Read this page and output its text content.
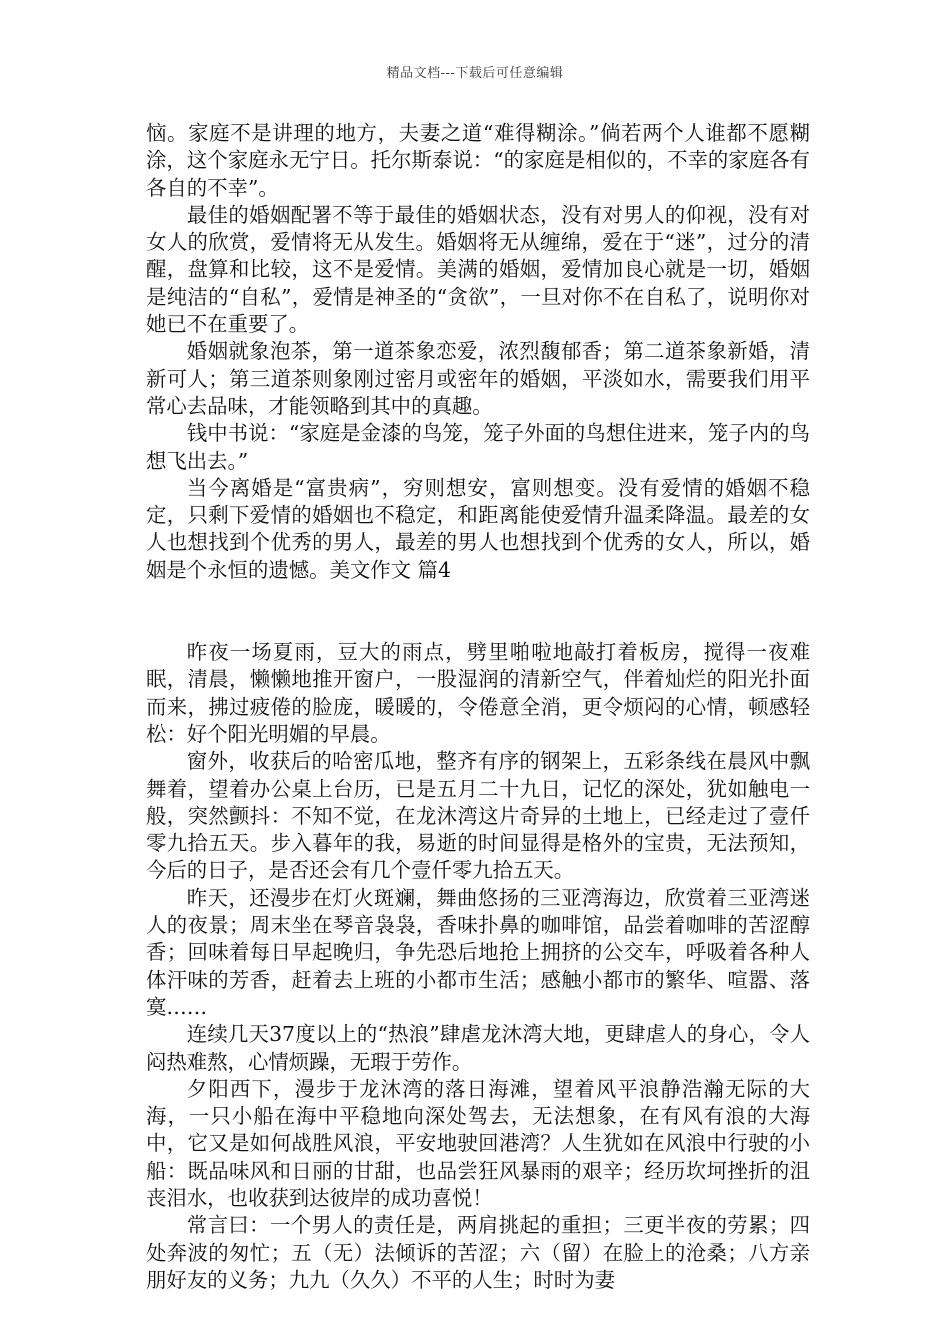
精品文档---下载后可任意编辑

恼。家庭不是讲理的地方，夫妻之道“难得糊涂。”倘若两个人谁都不愿糊涂，这个家庭永无宁日。托尔斯泰说：“的家庭是相似的，不幸的家庭各有各自的不幸”。

最佳的婚姻配署不等于最佳的婚姻状态，没有对男人的仰视，没有对女人的欣赏，爱情将无从发生。婚姻将无从缠绵，爱在于“迷”，过分的清醒，盘算和比较，这不是爱情。美满的婚姻，爱情加良心就是一切，婚姻是纯洁的“自私”，爱情是神圣的“贪欲”，一旦对你不在自私了，说明你对她已不在重要了。

婚姻就象泡茶，第一道茶象恋爱，浓烈馥郁香；第二道茶象新婚，清新可人；第三道茶则象刚过密月或密年的婚姻，平淡如水，需要我们用平常心去品味，才能领略到其中的真趣。

钱中书说：“家庭是金漆的鸟笼，笼子外面的鸟想住进来，笼子内的鸟想飞出去。”

当今离婚是“富贵病”，穷则想安，富则想变。没有爱情的婚姻不稳定，只剩下爱情的婚姻也不稳定，和距离能使爱情升温柔降温。最差的女人也想找到个优秀的男人，最差的男人也想找到个优秀的女人，所以，婚姻是个永恒的遗憾。美文作文 篇4

昨夜一场夏雨，豆大的雨点，劈里啪啦地敲打着板房，搅得一夜难眠，清晨，懒懒地推开窗户，一股湿润的清新空气，伴着灿烂的阳光扑面而来，拂过疲倦的脸庞，暖暖的，令倦意全消，更令烦闷的心情，顿感轻松：好个阳光明媚的早晨。

窗外，收获后的哈密瓜地，整齐有序的钢架上，五彩条线在晨风中飘舞着，望着办公桌上台历，已是五月二十九日，记忆的深处，犹如触电一般，突然颤抖：不知不觉，在龙沐湾这片奇异的土地上，已经走过了壹仟零九拾五天。步入暮年的我，易逝的时间显得是格外的宝贵，无法预知，今后的日子，是否还会有几个壹仟零九拾五天。

昨天，还漫步在灯火斑斓，舞曲悠扬的三亚湾海边，欣赏着三亚湾迷人的夜景；周末坐在琴音袅袅，香味扑鼻的咖啡馆，品尝着咖啡的苦涩醇香；回味着每日早起晚归，争先恐后地抢上拥挤的公交车，呼吸着各种人体汗味的芳香，赶着去上班的小都市生活；感触小都市的繁华、喧嚣、落寞……

连续几天37度以上的“热浪”肆虐龙沐湾大地，更肆虐人的身心，令人闷热难熬，心情烦躁，无瑕于劳作。

夕阳西下，漫步于龙沐湾的落日海滩，望着风平浪静浩瀚无际的大海，一只小船在海中平稳地向深处驾去，无法想象，在有风有浪的大海中，它又是如何战胜风浪，平安地驶回港湾？人生犹如在风浪中行驶的小船：既品味风和日丽的甘甜，也品尝狂风暴雨的艰辛；经历坎坷挫折的沮丧泪水，也收获到达彼岸的成功喜悦！

常言曰：一个男人的责任是，两肩挑起的重担；三更半夜的劳累；四处奔波的匆忙；五（无）法倾诉的苦涩；六（留）在脸上的沧桑；八方亲朋好友的义务；九九（久久）不平的人生；时时为妻
